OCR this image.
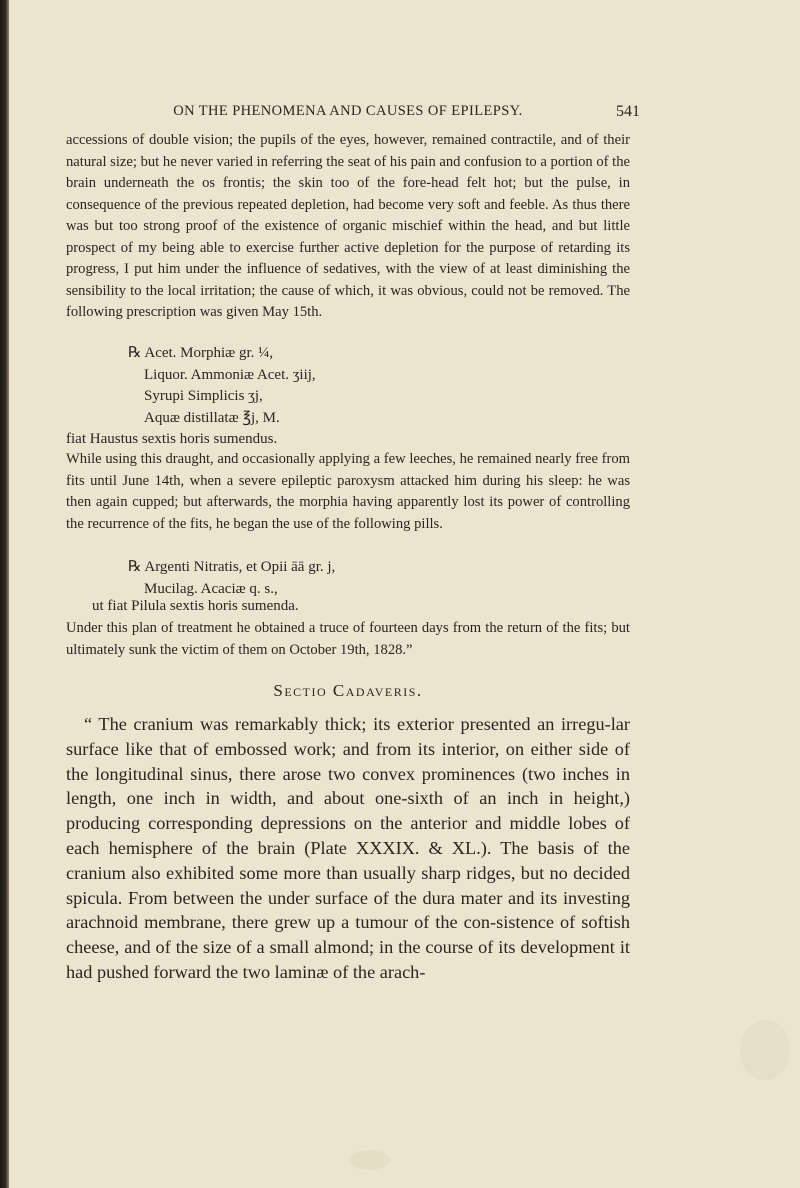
ON THE PHENOMENA AND CAUSES OF EPILEPSY.	541

accessions of double vision; the pupils of the eyes, however, remained contractile, and of their natural size; but he never varied in referring the seat of his pain and confusion to a portion of the brain underneath the os frontis; the skin too of the fore-head felt hot; but the pulse, in consequence of the previous repeated depletion, had become very soft and feeble. As thus there was but too strong proof of the existence of organic mischief within the head, and but little prospect of my being able to exercise further active depletion for the purpose of retarding its progress, I put him under the influence of sedatives, with the view of at least diminishing the sensibility to the local irritation; the cause of which, it was obvious, could not be removed. The following prescription was given May 15th.

℞ Acet. Morphiæ gr. ¼,
Liquor. Ammoniæ Acet. ʒiij,
Syrupi Simplicis ʒj,
Aquæ distillatæ ℥j, M.
fiat Haustus sextis horis sumendus.

While using this draught, and occasionally applying a few leeches, he remained nearly free from fits until June 14th, when a severe epileptic paroxysm attacked him during his sleep: he was then again cupped; but afterwards, the morphia having apparently lost its power of controlling the recurrence of the fits, he began the use of the following pills.

℞ Argenti Nitratis, et Opii āā gr. j,
Mucilag. Acaciæ q. s.,
ut fiat Pilula sextis horis sumenda.

Under this plan of treatment he obtained a truce of fourteen days from the return of the fits; but ultimately sunk the victim of them on October 19th, 1828.”

Sectio Cadaveris.

“ The cranium was remarkably thick; its exterior presented an irregu-lar surface like that of embossed work; and from its interior, on either side of the longitudinal sinus, there arose two convex prominences (two inches in length, one inch in width, and about one-sixth of an inch in height,) producing corresponding depressions on the anterior and middle lobes of each hemisphere of the brain (Plate XXXIX. & XL.). The basis of the cranium also exhibited some more than usually sharp ridges, but no decided spicula. From between the under surface of the dura mater and its investing arachnoid membrane, there grew up a tumour of the con-sistence of softish cheese, and of the size of a small almond; in the course of its development it had pushed forward the two laminæ of the arach-
